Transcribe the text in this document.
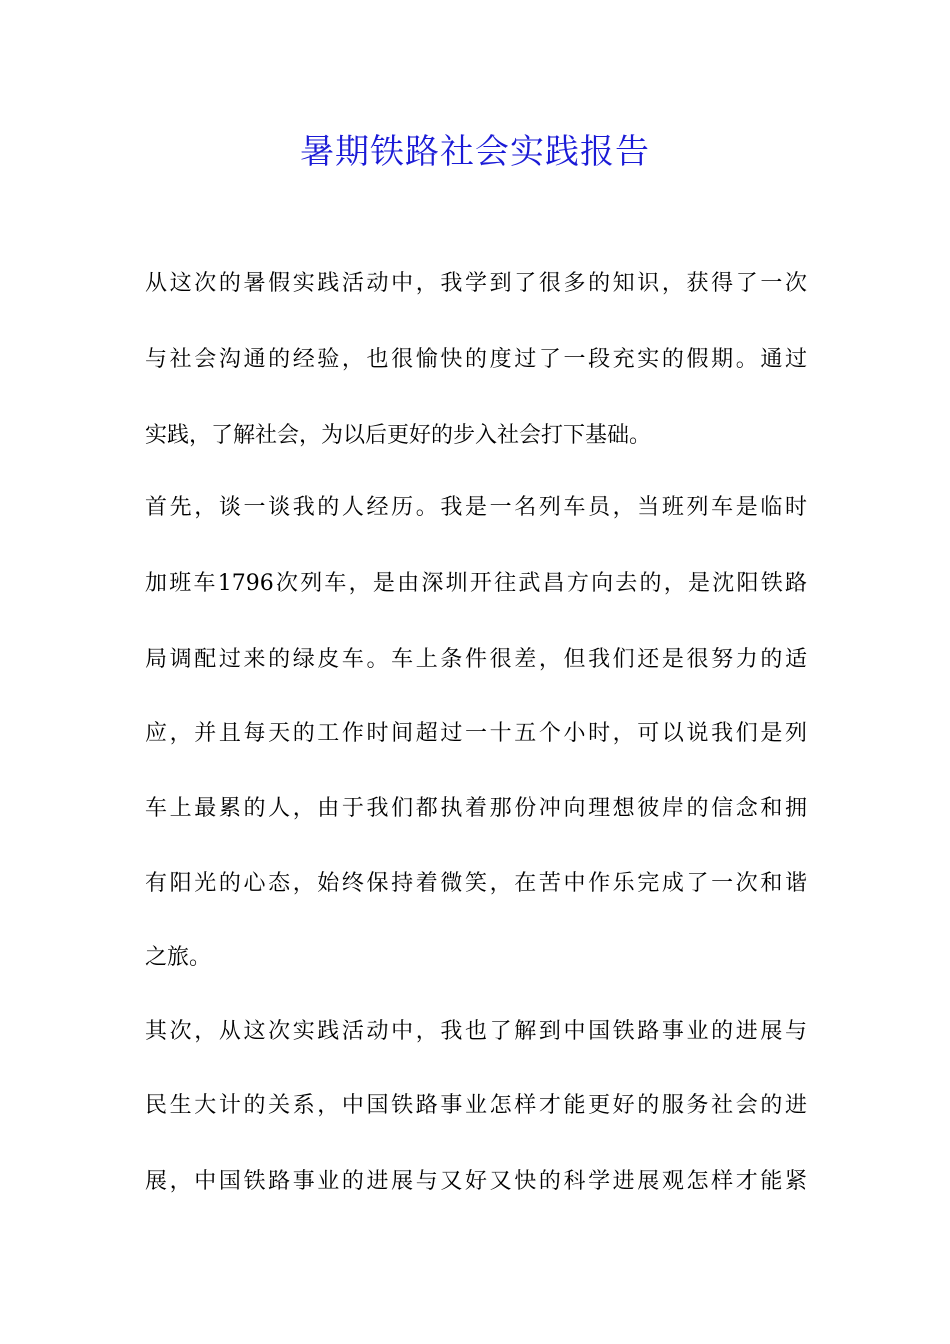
暑期铁路社会实践报告
从这次的暑假实践活动中，我学到了很多的知识，获得了一次
与社会沟通的经验，也很愉快的度过了一段充实的假期。通过
实践，了解社会，为以后更好的步入社会打下基础。
首先，谈一谈我的人经历。我是一名列车员，当班列车是临时
加班车1796次列车，是由深圳开往武昌方向去的，是沈阳铁路
局调配过来的绿皮车。车上条件很差，但我们还是很努力的适
应，并且每天的工作时间超过一十五个小时，可以说我们是列
车上最累的人，由于我们都执着那份冲向理想彼岸的信念和拥
有阳光的心态，始终保持着微笑，在苦中作乐完成了一次和谐
之旅。
其次，从这次实践活动中，我也了解到中国铁路事业的进展与
民生大计的关系，中国铁路事业怎样才能更好的服务社会的进
展，中国铁路事业的进展与又好又快的科学进展观怎样才能紧
